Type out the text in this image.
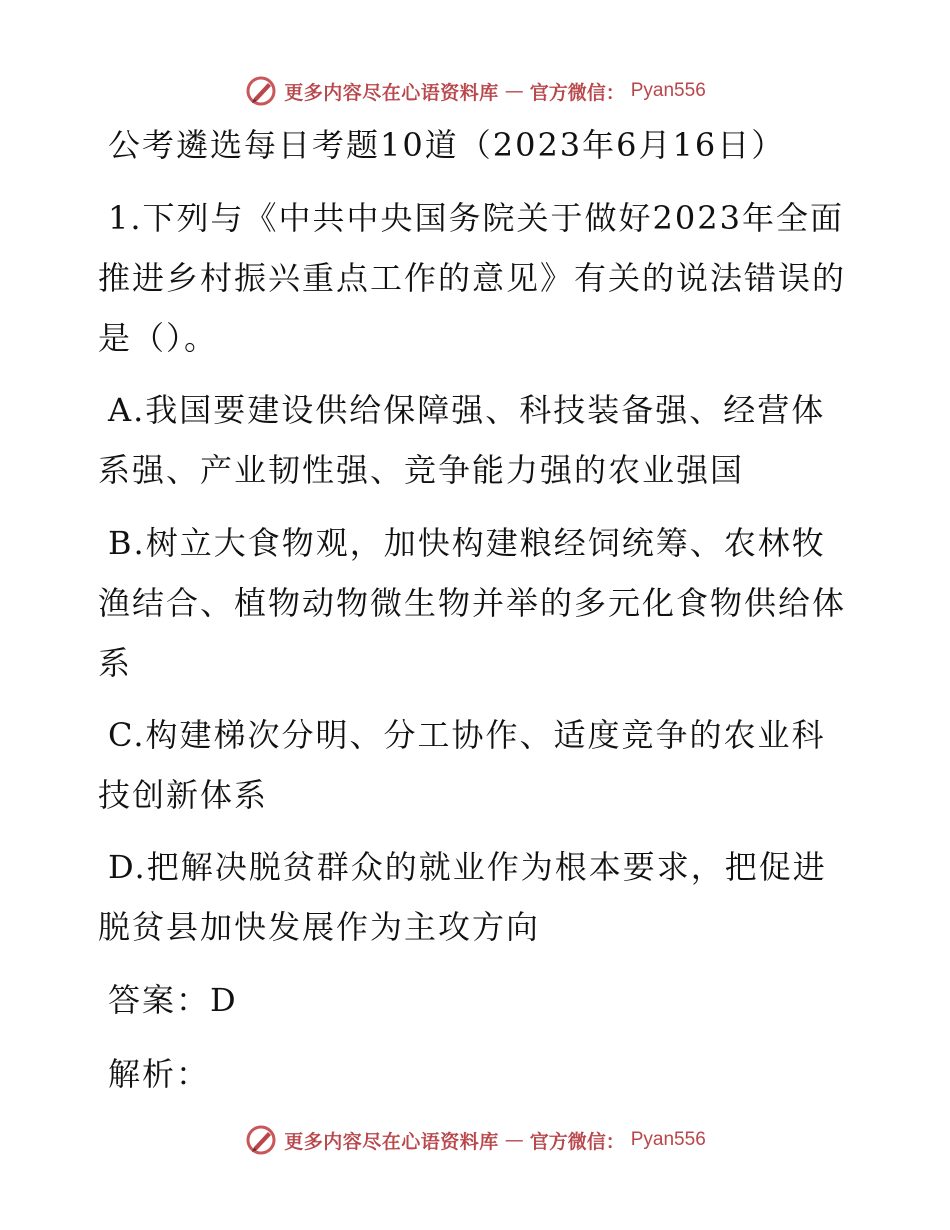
更多内容尽在心语资料库 — 官方微信： Pyan556
公考遴选每日考题10道（2023年6月16日）
1.下列与《中共中央国务院关于做好2023年全面
推进乡村振兴重点工作的意见》有关的说法错误的
是（）。
A.我国要建设供给保障强、科技装备强、经营体
系强、产业韧性强、竞争能力强的农业强国
B.树立大食物观，加快构建粮经饲统筹、农林牧
渔结合、植物动物微生物并举的多元化食物供给体
系
C.构建梯次分明、分工协作、适度竞争的农业科
技创新体系
D.把解决脱贫群众的就业作为根本要求，把促进
脱贫县加快发展作为主攻方向
答案：D
解析：
更多内容尽在心语资料库 — 官方微信： Pyan556
